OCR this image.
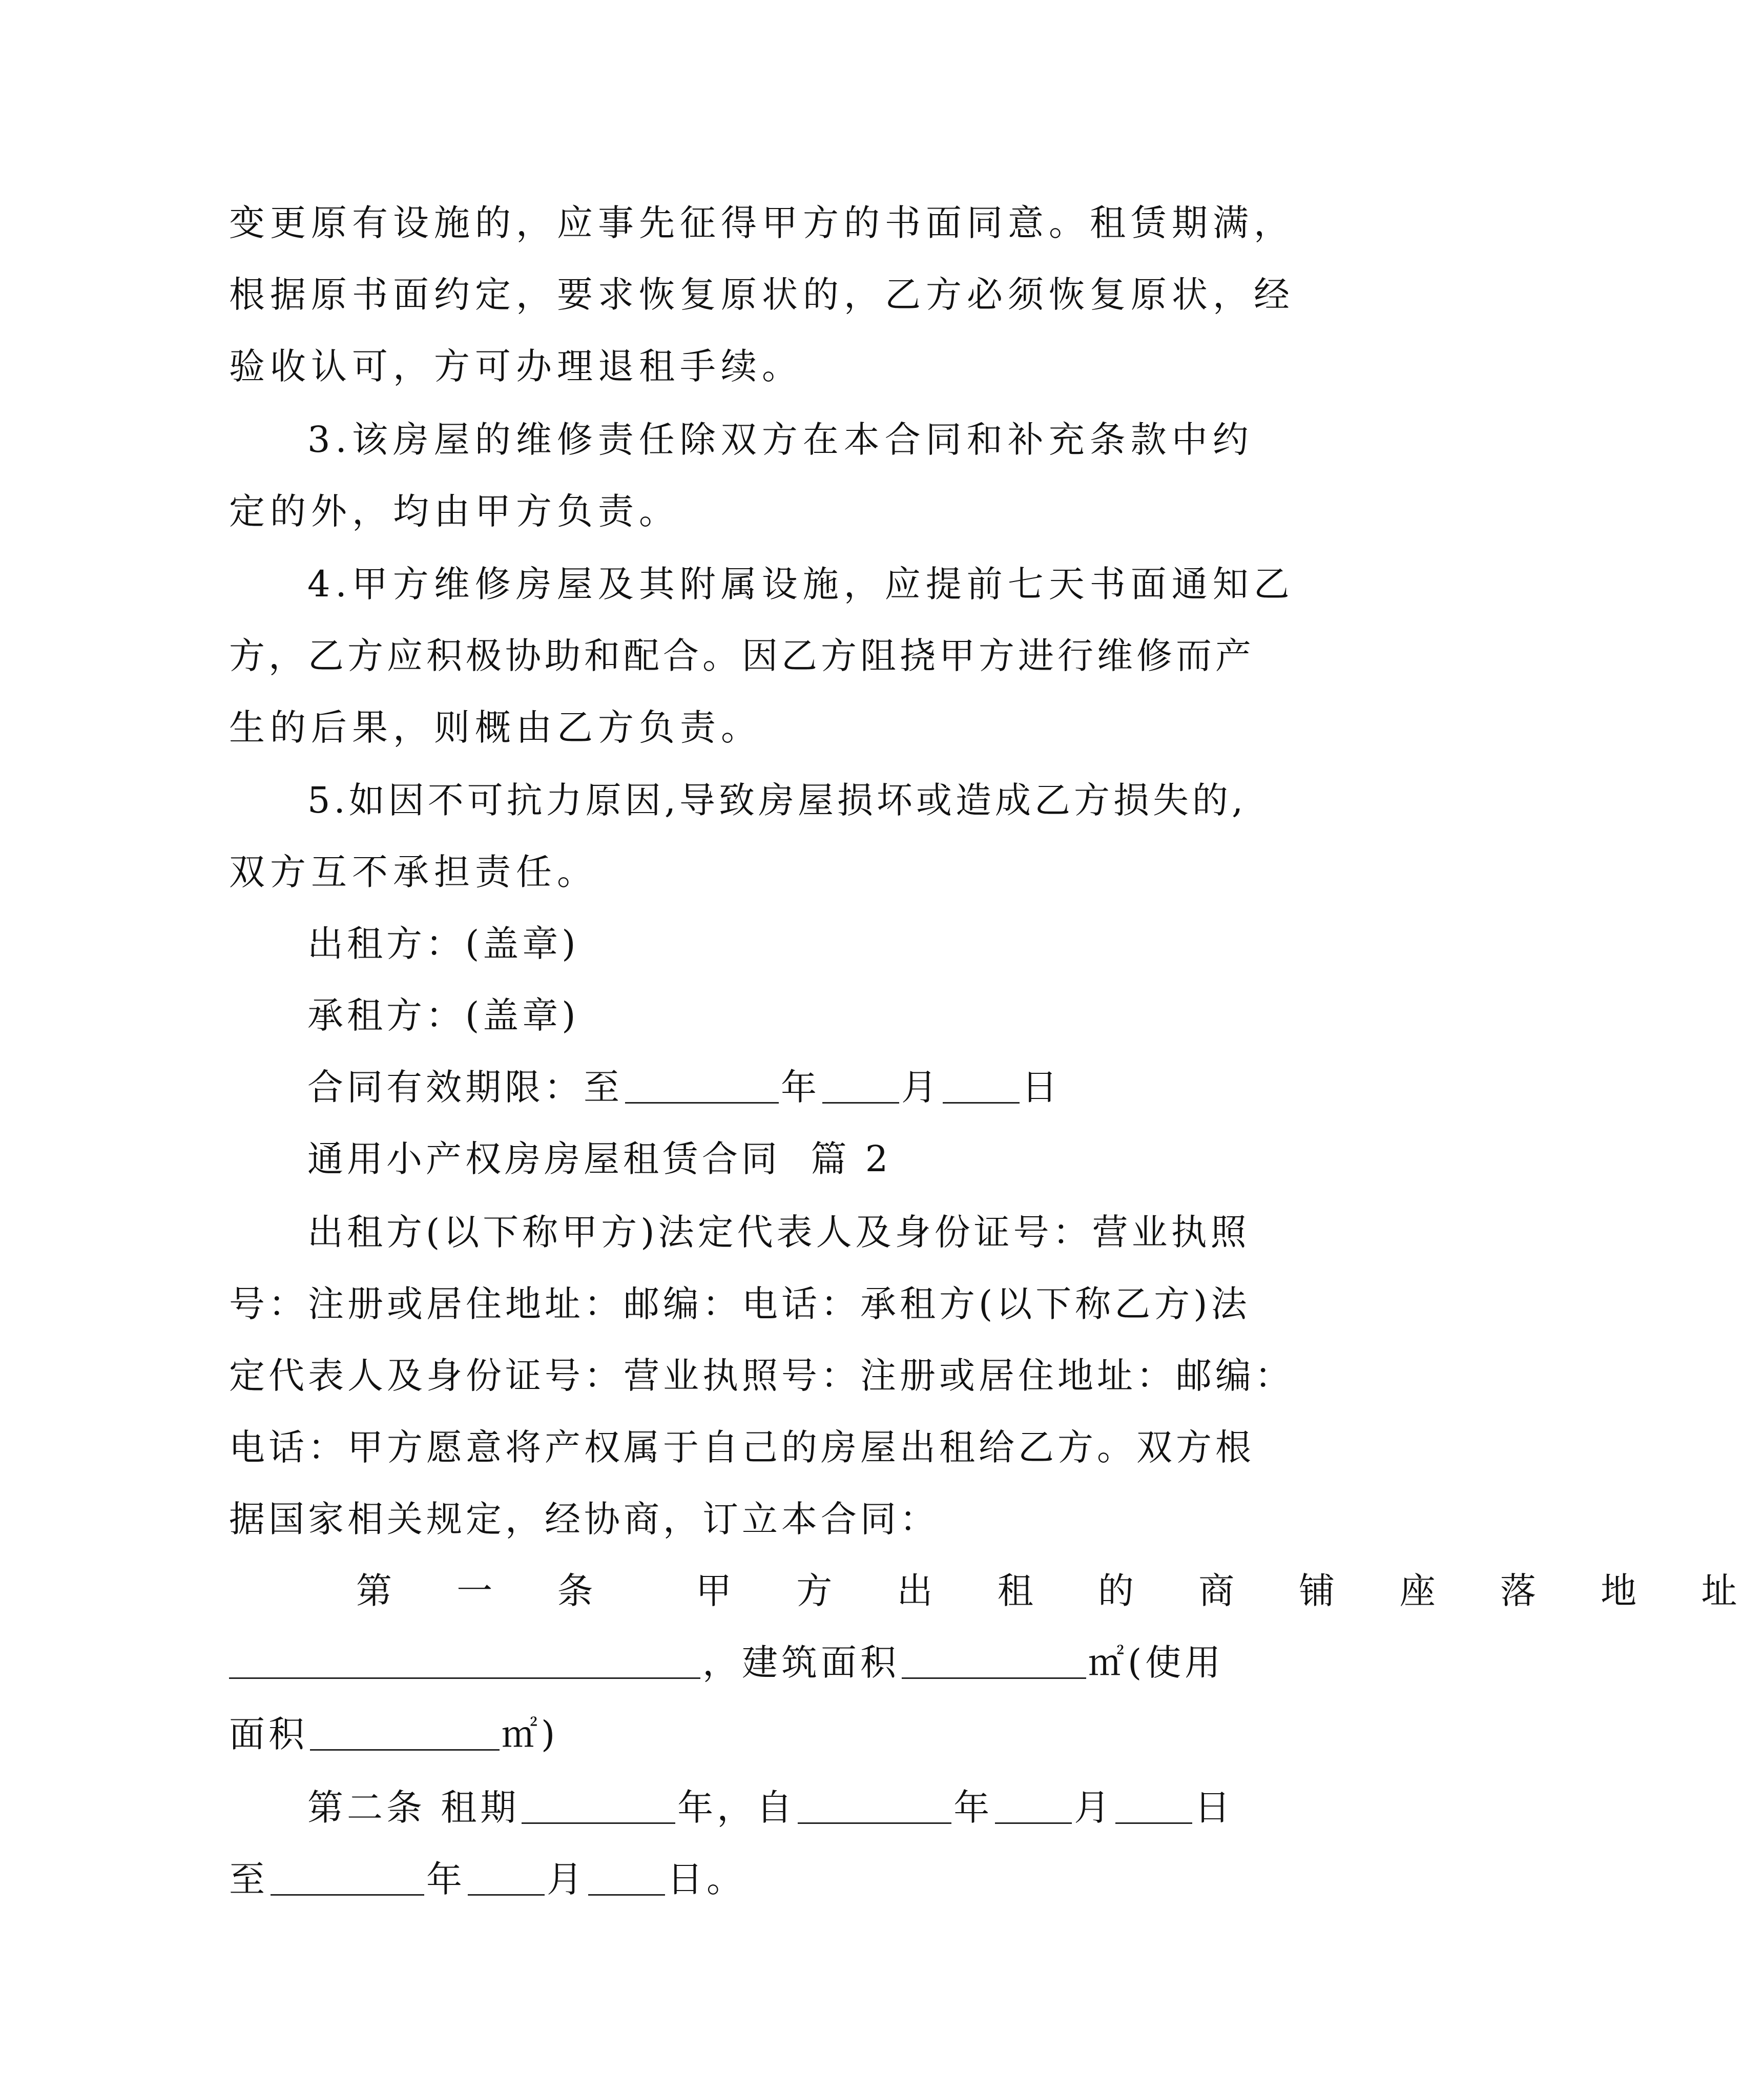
变更原有设施的，应事先征得甲方的书面同意。租赁期满，
根据原书面约定，要求恢复原状的，乙方必须恢复原状，经
验收认可，方可办理退租手续。
3.该房屋的维修责任除双方在本合同和补充条款中约
定的外，均由甲方负责。
4.甲方维修房屋及其附属设施，应提前七天书面通知乙
方，乙方应积极协助和配合。因乙方阻挠甲方进行维修而产
生的后果，则概由乙方负责。
5.如因不可抗力原因,导致房屋损坏或造成乙方损失的,
双方互不承担责任。
出租方：(盖章)
承租方：(盖章)
合同有效期限：至	年 月 日
通用小产权房房屋租赁合同  篇 2
出租方(以下称甲方)法定代表人及身份证号：营业执照
号：注册或居住地址：邮编：电话：承租方(以下称乙方)法
定代表人及身份证号：营业执照号：注册或居住地址：邮编：
电话：甲方愿意将产权属于自己的房屋出租给乙方。双方根
据国家相关规定，经协商，订立本合同：
第 一 条  甲 方 出 租 的 商 铺 座 落 地 址
，建筑面积	㎡(使用
面积	㎡)
第二条 租期	年，自	年 月 日
至	年 月 日。
